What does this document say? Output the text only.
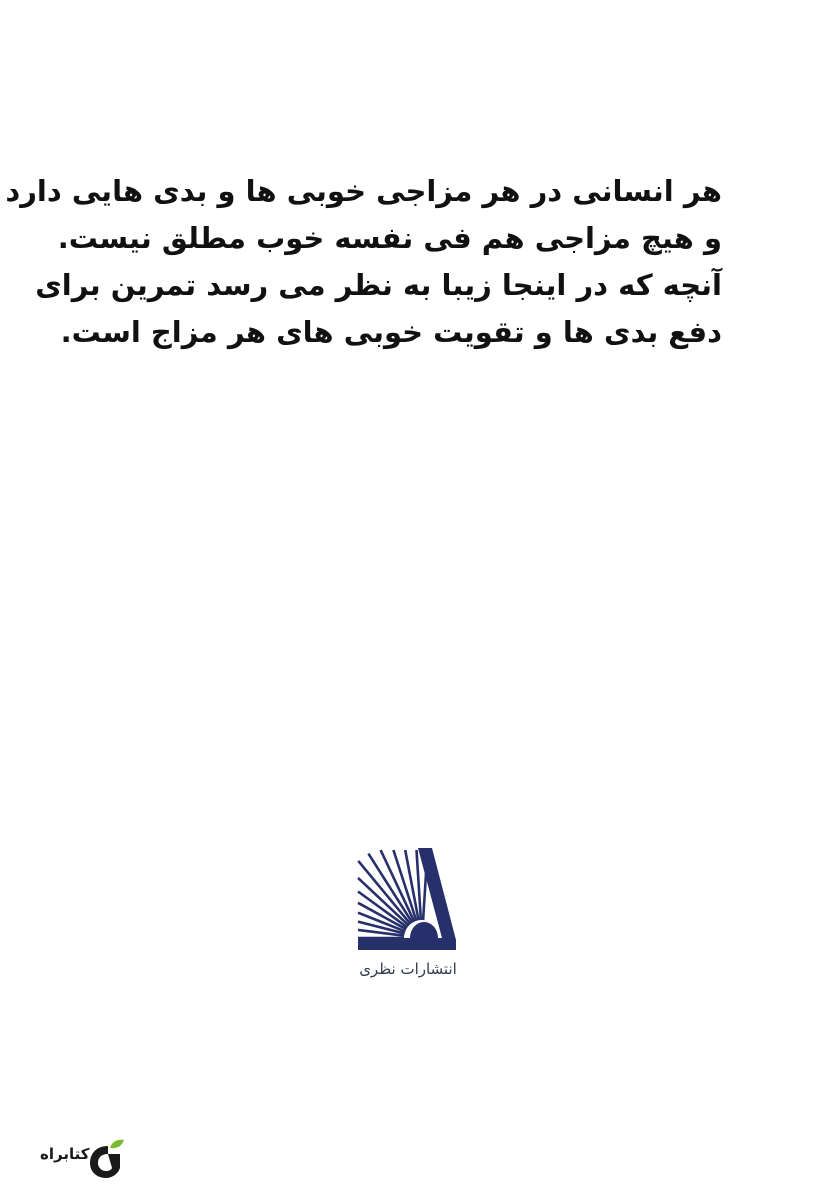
هر انسانی در هر مزاجی خوبی ها و بدی هایی دارد
و هیچ مزاجی هم فی نفسه خوب مطلق نیست.
آنچه که در اینجا زیبا به نظر می رسد تمرین برای
دفع بدی ها و تقویت خوبی های هر مزاج است.
انتشارات نظری
کتابراه
